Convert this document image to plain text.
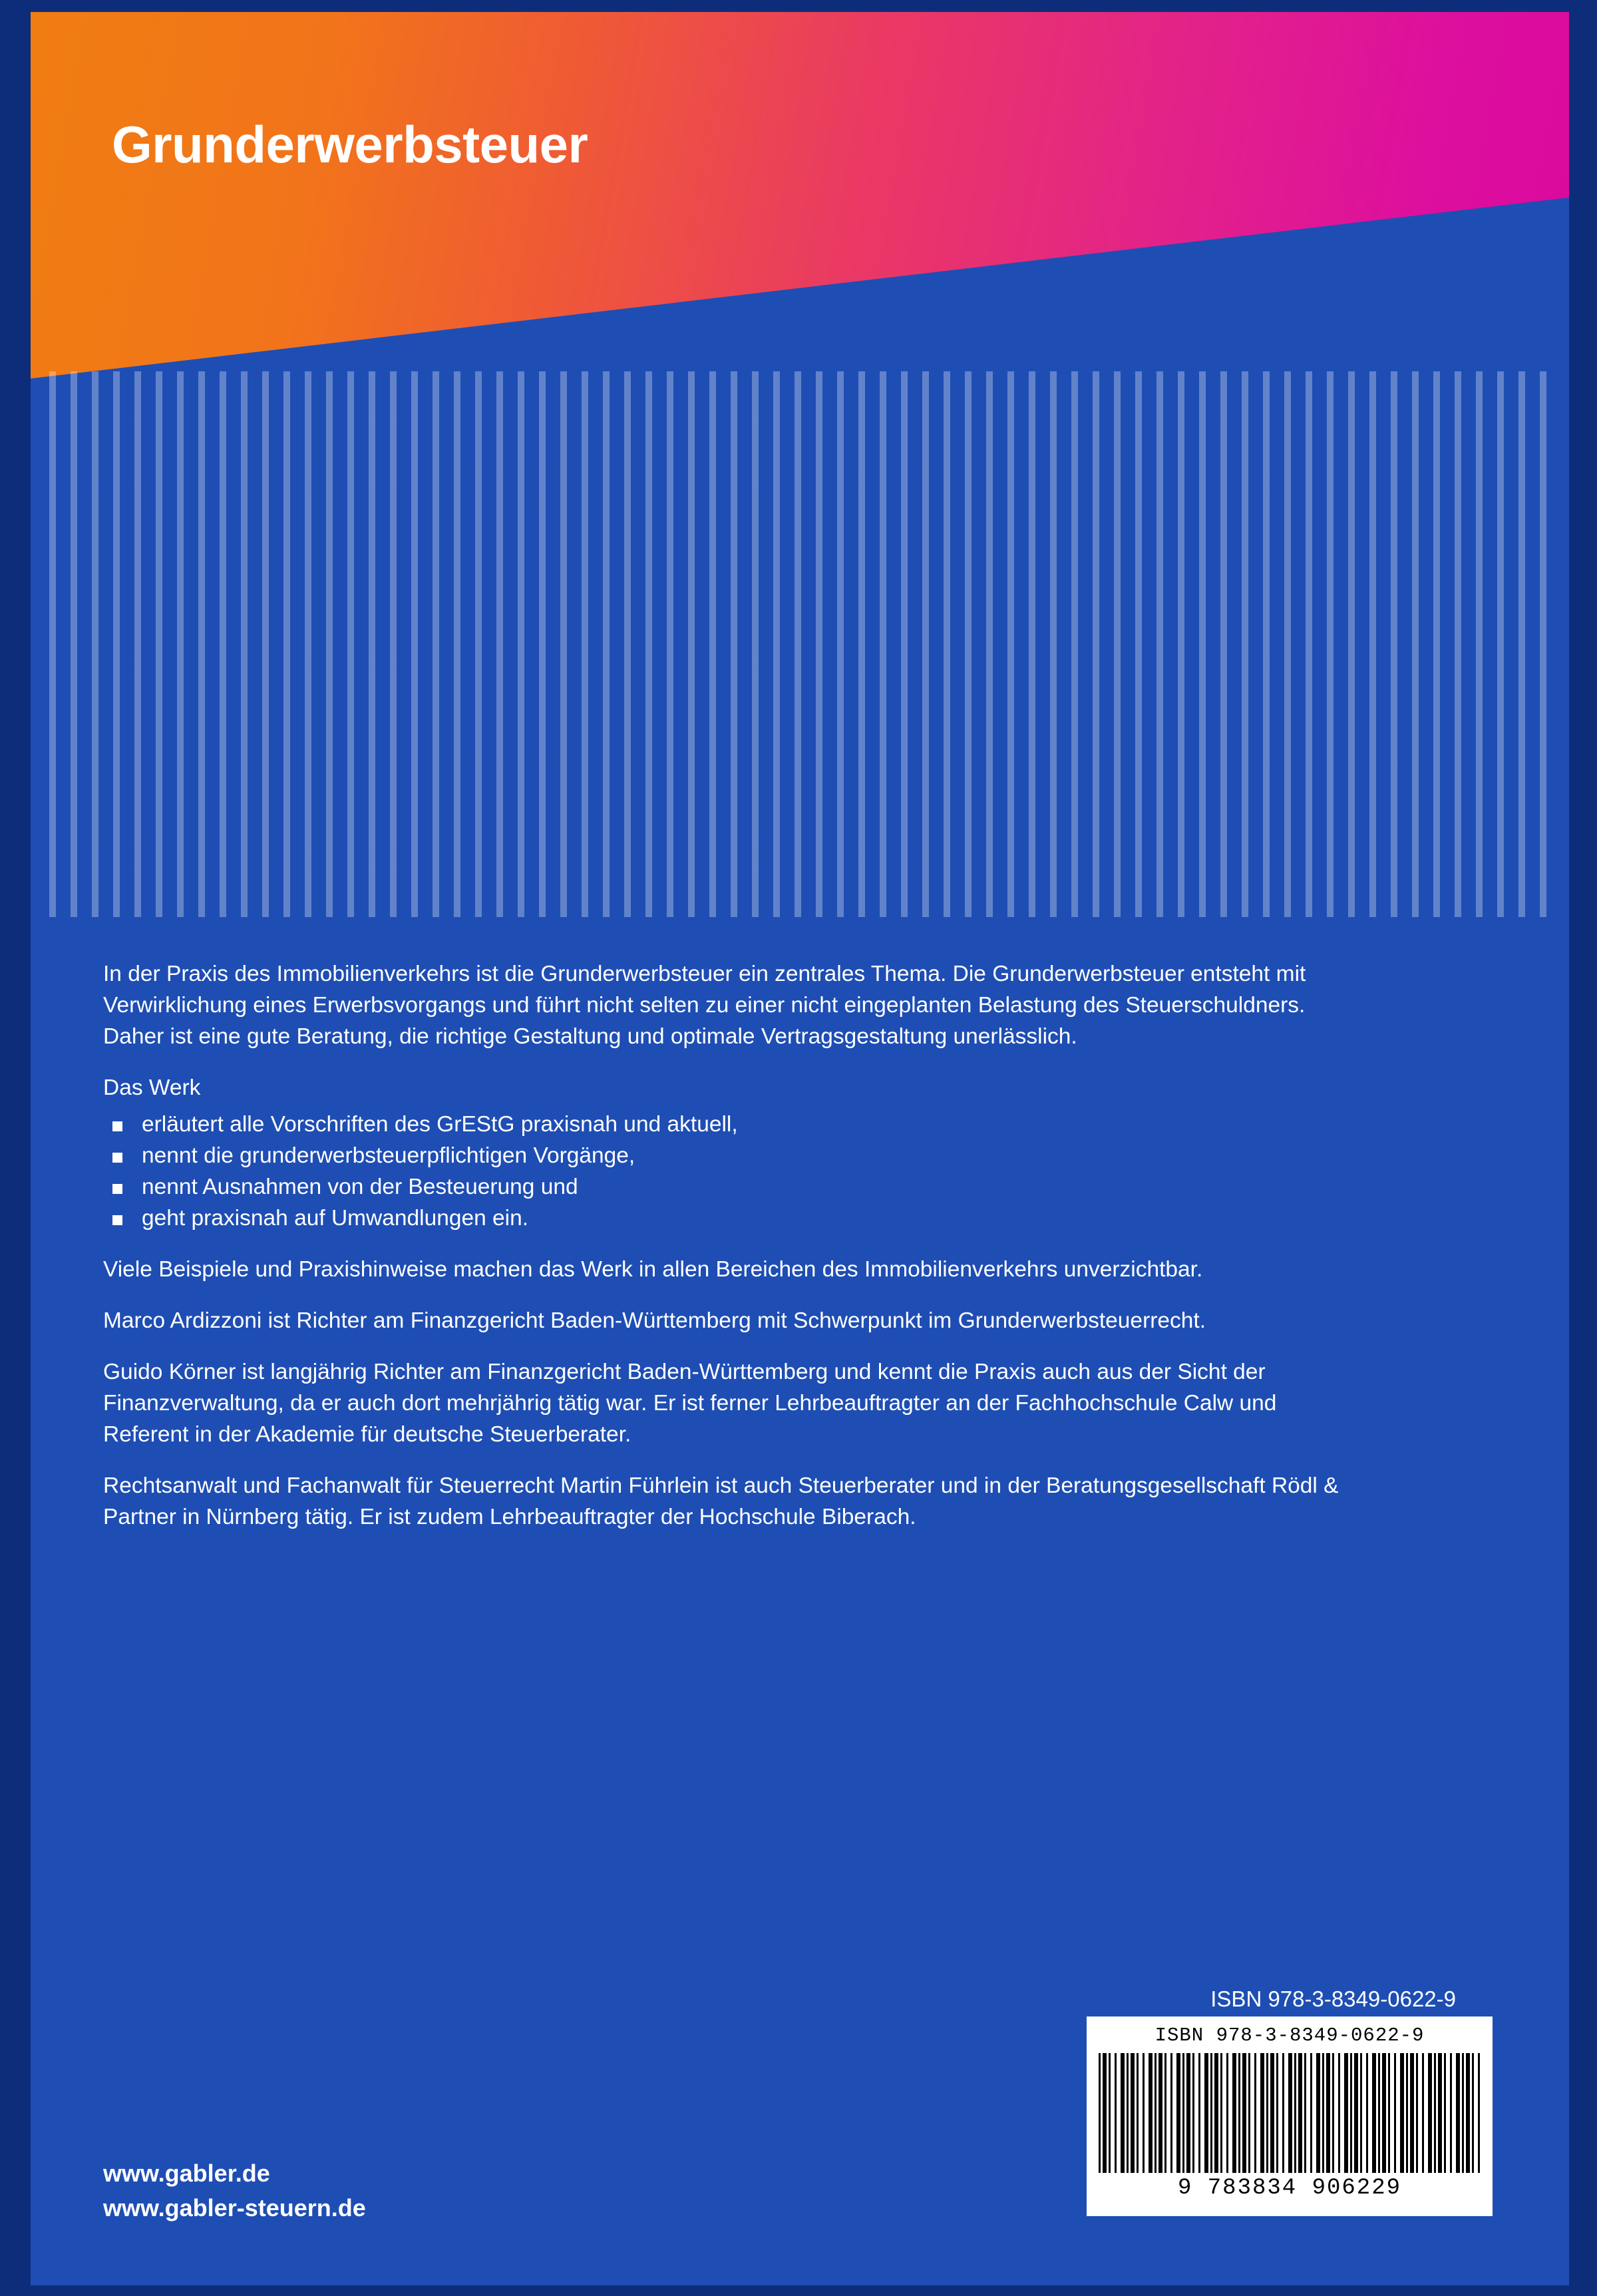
Grunderwerbsteuer

In der Praxis des Immobilienverkehrs ist die Grunderwerbsteuer ein zentrales Thema. Die Grunderwerbsteuer entsteht mit Verwirklichung eines Erwerbsvorgangs und führt nicht selten zu einer nicht eingeplanten Belastung des Steuerschuldners. Daher ist eine gute Beratung, die richtige Gestaltung und optimale Vertragsgestaltung unerlässlich.

Das Werk

erläutert alle Vorschriften des GrEStG praxisnah und aktuell,
nennt die grunderwerbsteuerpflichtigen Vorgänge,
nennt Ausnahmen von der Besteuerung und
geht praxisnah auf Umwandlungen ein.

Viele Beispiele und Praxishinweise machen das Werk in allen Bereichen des Immobilienverkehrs unverzichtbar.

Marco Ardizzoni ist Richter am Finanzgericht Baden-Württemberg mit Schwerpunkt im Grunderwerbsteuerrecht.

Guido Körner ist langjährig Richter am Finanzgericht Baden-Württemberg und kennt die Praxis auch aus der Sicht der Finanzverwaltung, da er auch dort mehrjährig tätig war. Er ist ferner Lehrbeauftragter an der Fachhochschule Calw und Referent in der Akademie für deutsche Steuerberater.

Rechtsanwalt und Fachanwalt für Steuerrecht Martin Führlein ist auch Steuerberater und in der Beratungsgesellschaft Rödl & Partner in Nürnberg tätig. Er ist zudem Lehrbeauftragter der Hochschule Biberach.

ISBN 978-3-8349-0622-9
ISBN 978-3-8349-0622-9
9 783834 906229
www.gabler.de
www.gabler-steuern.de
